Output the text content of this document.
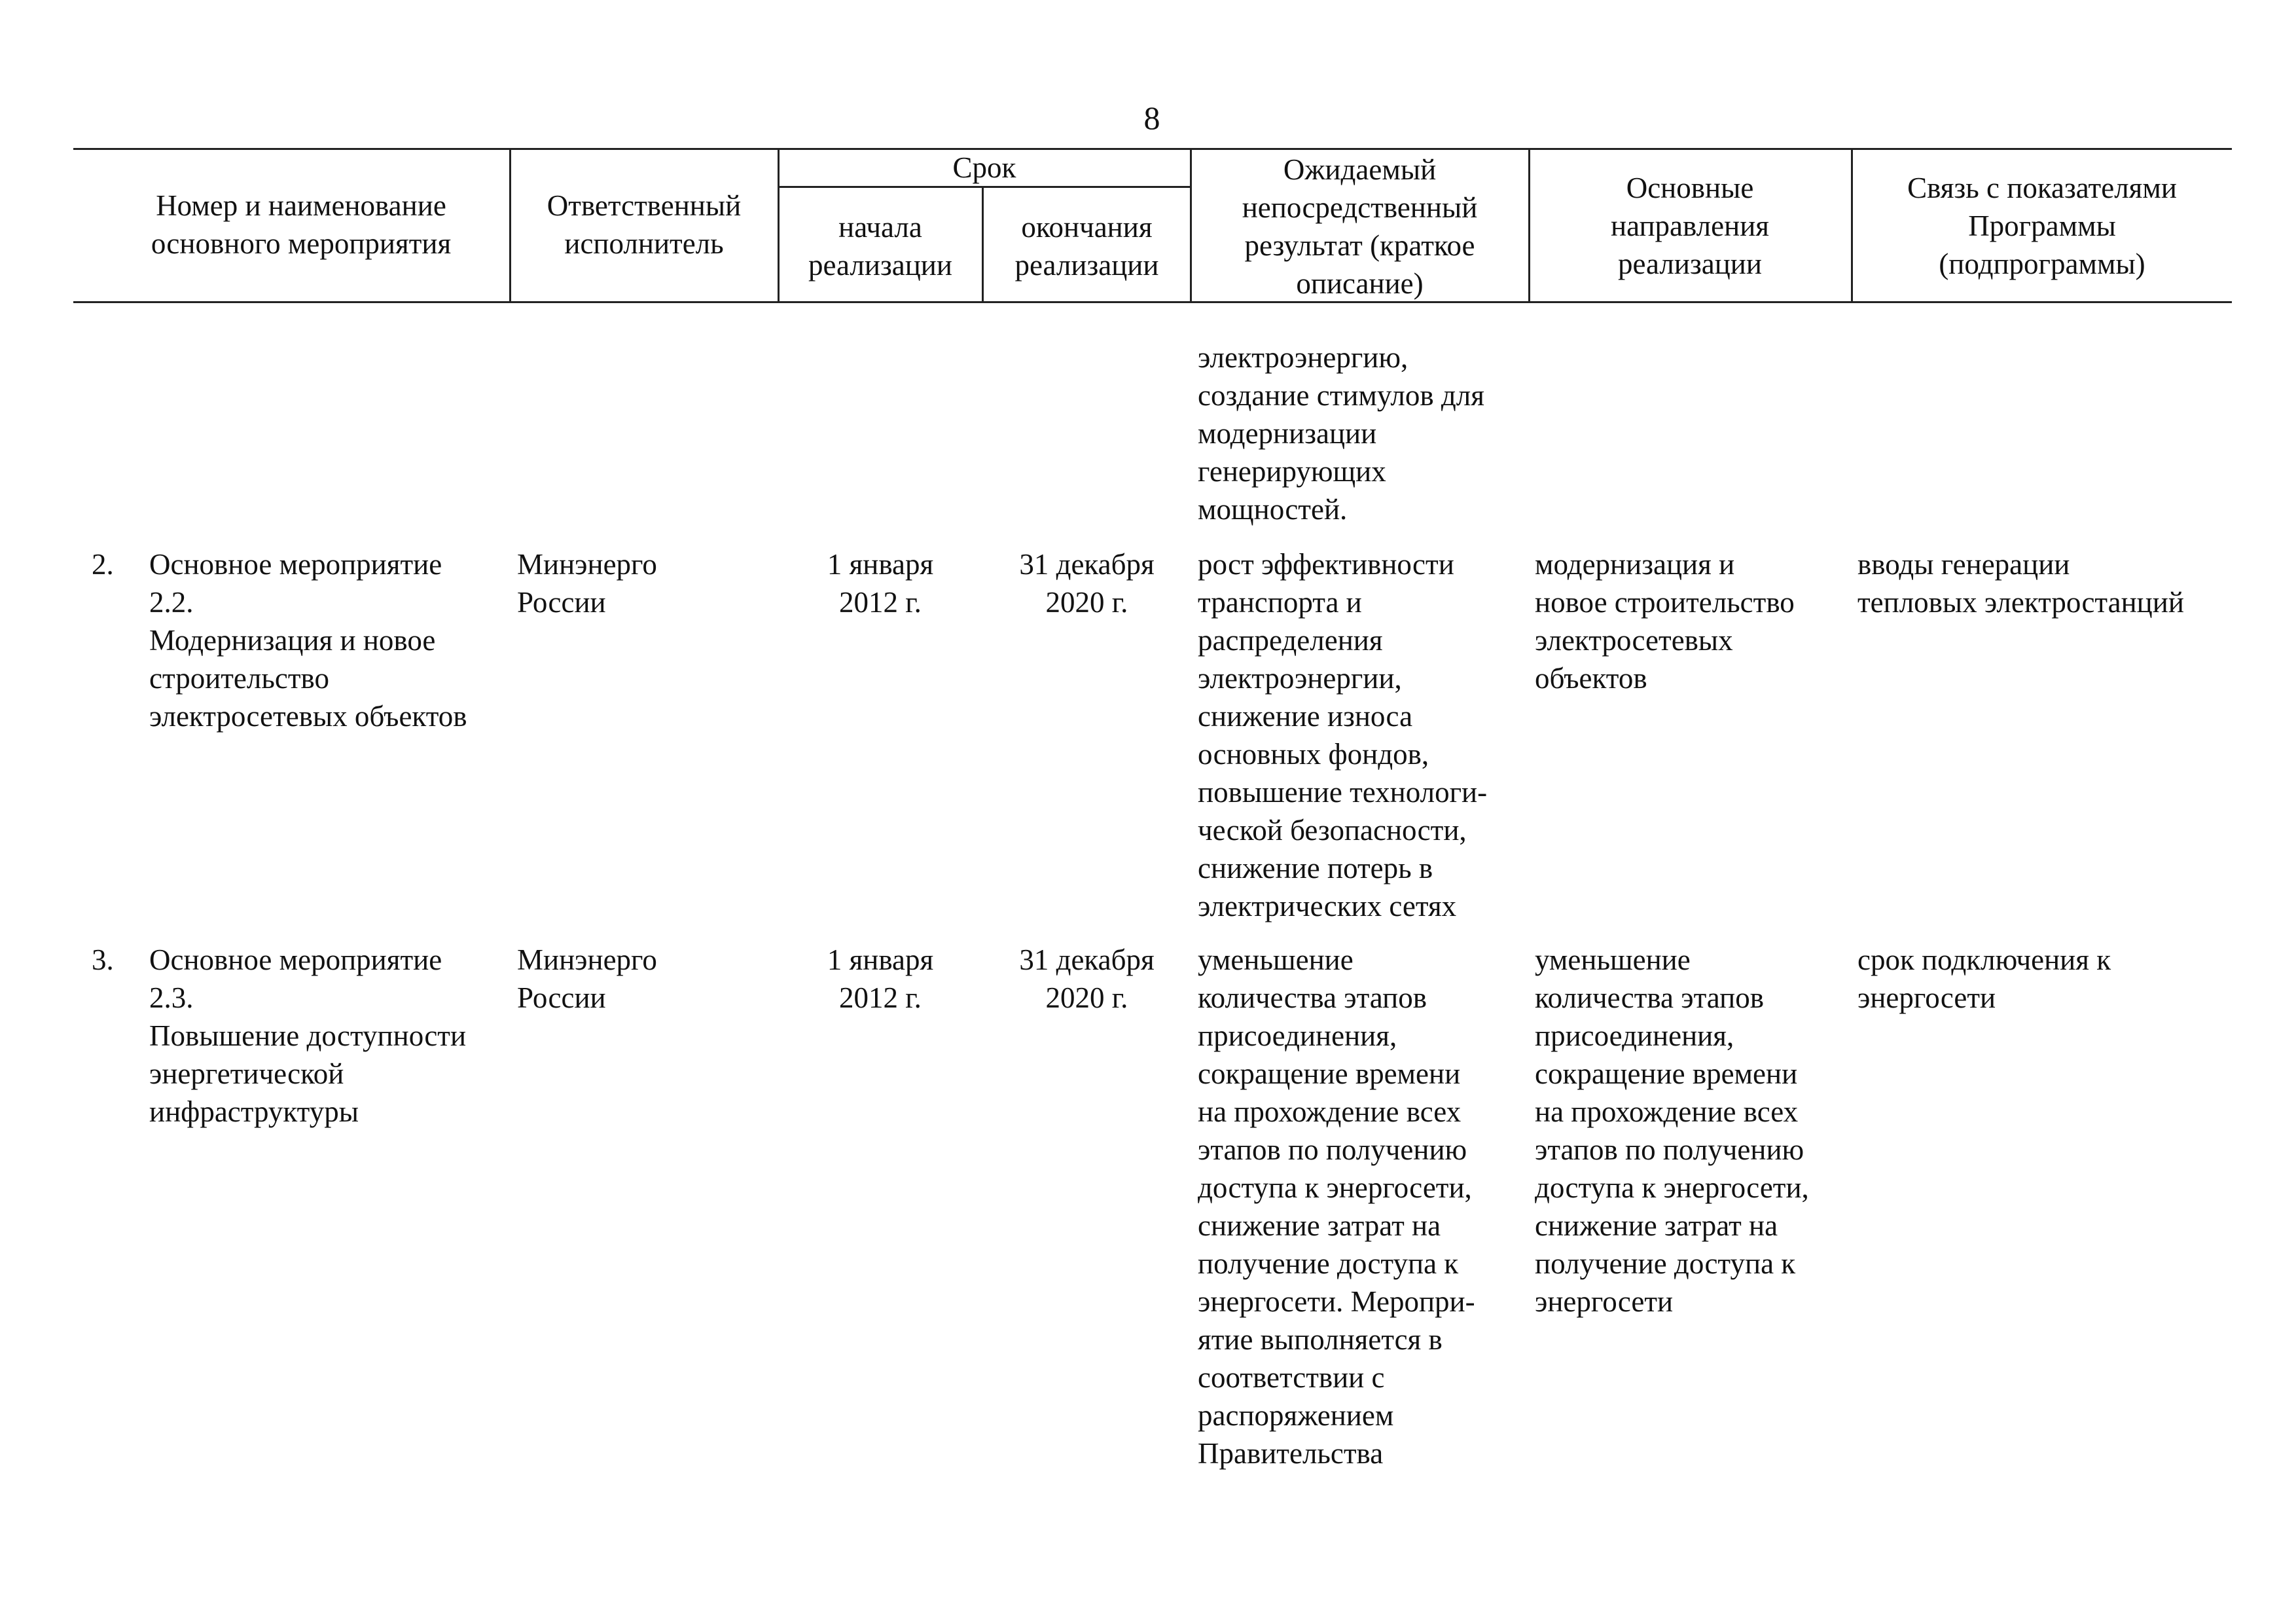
8
Номер и наименование
основного мероприятия
Ответственный
исполнитель
Срок
начала
реализации
окончания
реализации
Ожидаемый
непосредственный
результат (краткое
описание)
Основные
направления
реализации
Связь с показателями
Программы
(подпрограммы)
электроэнергию,
создание стимулов для
модернизации
генерирующих
мощностей.
2.	Основное мероприятие
2.2.
Модернизация и новое
строительство
электросетевых объектов
Минэнерго
России
1 января
2012 г.
31 декабря
2020 г.
рост эффективности
транспорта и
распределения
электроэнергии,
снижение износа
основных фондов,
повышение технологи-
ческой безопасности,
снижение потерь в
электрических сетях
модернизация и
новое строительство
электросетевых
объектов
вводы генерации
тепловых электростанций
3.	Основное мероприятие
2.3.
Повышение доступности
энергетической
инфраструктуры
Минэнерго
России
1 января
2012 г.
31 декабря
2020 г.
уменьшение
количества этапов
присоединения,
сокращение времени
на прохождение всех
этапов по получению
доступа к энергосети,
снижение затрат на
получение доступа к
энергосети. Меропри-
ятие выполняется в
соответствии с
распоряжением
Правительства
уменьшение
количества этапов
присоединения,
сокращение времени
на прохождение всех
этапов по получению
доступа к энергосети,
снижение затрат на
получение доступа к
энергосети
срок подключения к
энергосети
